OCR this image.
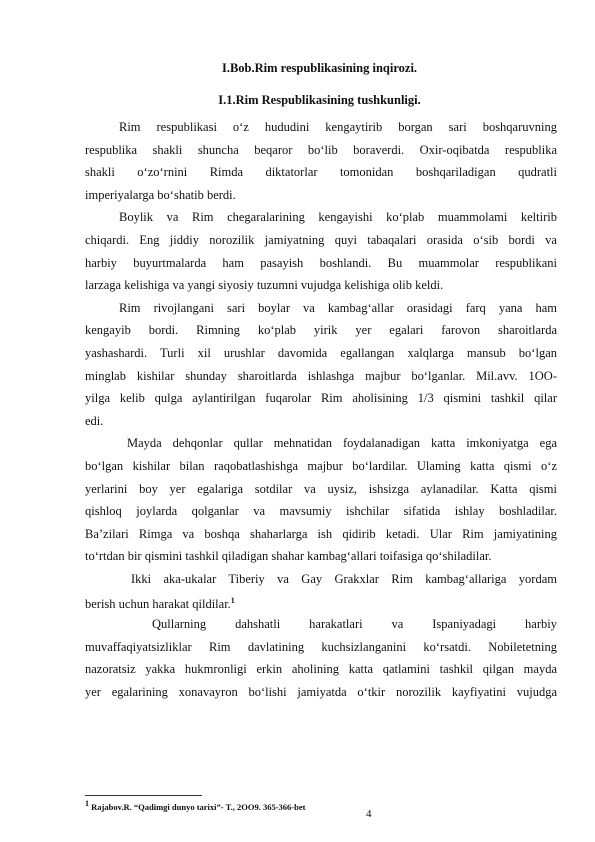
I.Bob.Rim respublikasining inqirozi.
I.1.Rim Respublikasining tushkunligi.
Rim respublikasi o‘z hududini kengaytirib borgan sari boshqaruvning
respublika shakli shuncha beqaror bo‘lib boraverdi. Oxir-oqibatda respublika
shakli o‘zo‘rnini Rimda diktatorlar tomonidan boshqariladigan qudratli
imperiyalarga bo‘shatib berdi.
Boylik va Rim chegaralarining kengayishi ko‘plab muammolami keltirib
chiqardi. Eng jiddiy norozilik jamiyatning quyi tabaqalari orasida o‘sib bordi va
harbiy buyurtmalarda ham pasayish boshlandi. Bu muammolar respublikani
larzaga kelishiga va yangi siyosiy tuzumni vujudga kelishiga olib keldi.
Rim rivojlangani sari boylar va kambag‘allar orasidagi farq yana ham
kengayib bordi. Rimning ko‘plab yirik yer egalari farovon sharoitlarda
yashashardi. Turli xil urushlar davomida egallangan xalqlarga mansub bo‘lgan
minglab kishilar shunday sharoitlarda ishlashga majbur bo‘lganlar. Mil.avv. 1OO-
yilga kelib qulga aylantirilgan fuqarolar Rim aholisining 1/3 qismini tashkil qilar
edi.
Mayda dehqonlar qullar mehnatidan foydalanadigan katta imkoniyatga ega
bo‘lgan kishilar bilan raqobatlashishga majbur bo‘lardilar. Ulaming katta qismi o‘z
yerlarini boy yer egalariga sotdilar va uysiz, ishsizga aylanadilar. Katta qismi
qishloq joylarda qolganlar va mavsumiy ishchilar sifatida ishlay boshladilar.
Ba’zilari Rimga va boshqa shaharlarga ish qidirib ketadi. Ular Rim jamiyatining
to‘rtdan bir qismini tashkil qiladigan shahar kambag‘allari toifasiga qo‘shiladilar.
Ikki aka-ukalar Tiberiy va Gay Grakxlar Rim kambag‘allariga yordam
berish uchun harakat qildilar.$^1$
Qullarning dahshatli harakatlari va Ispaniyadagi harbiy
muvaffaqiyatsizliklar Rim davlatining kuchsizlanganini ko‘rsatdi. Nobiletetning
nazoratsiz yakka hukmronligi erkin aholining katta qatlamini tashkil qilgan mayda
yer egalarining xonavayron bo‘lishi jamiyatda o‘tkir norozilik kayfiyatini vujudga
$^1$ Rajabov.R. “Qadimgi dunyo tarixi”- T., 2OO9. 365-366-bet
4
